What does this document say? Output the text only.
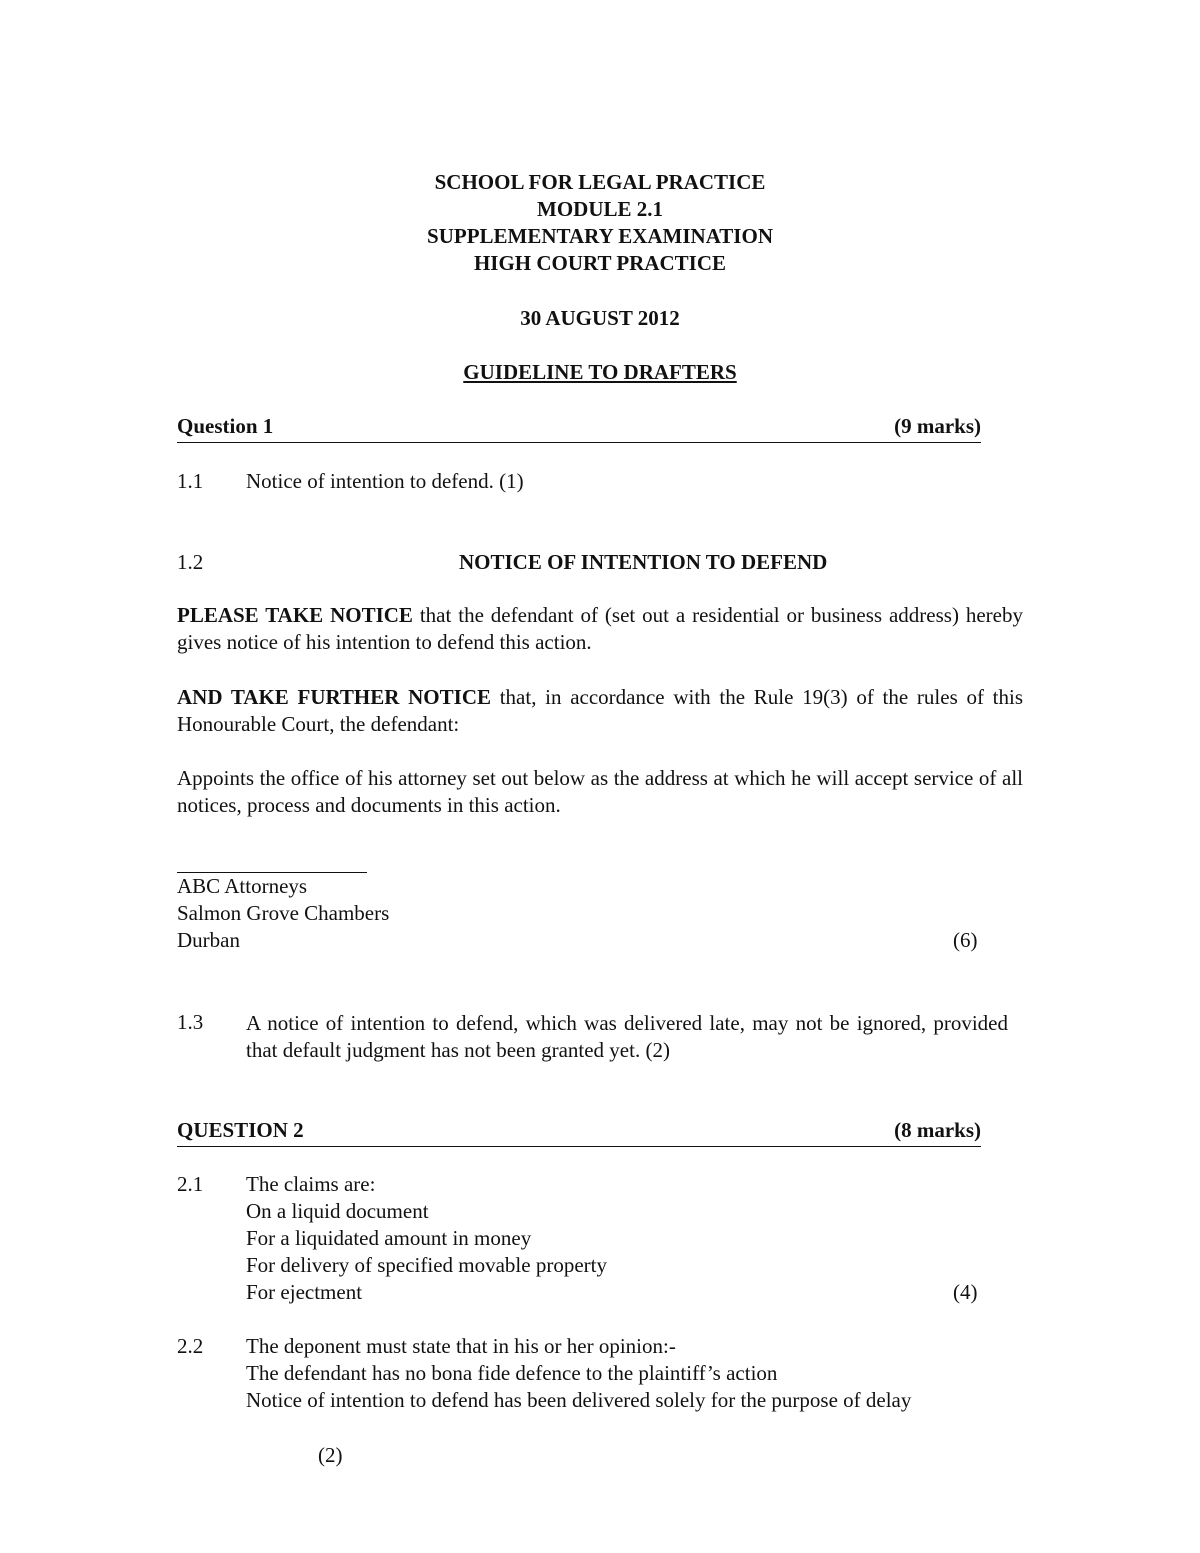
SCHOOL FOR LEGAL PRACTICE
MODULE 2.1
SUPPLEMENTARY EXAMINATION
HIGH COURT PRACTICE
30 AUGUST 2012
GUIDELINE TO DRAFTERS
Question 1	(9 marks)
1.1 Notice of intention to defend. (1)
1.2	NOTICE OF INTENTION TO DEFEND
PLEASE TAKE NOTICE that the defendant of (set out a residential or business address) hereby gives notice of his intention to defend this action.
AND TAKE FURTHER NOTICE that, in accordance with the Rule 19(3) of the rules of this Honourable Court, the defendant:
Appoints the office of his attorney set out below as the address at which he will accept service of all notices, process and documents in this action.
ABC Attorneys
Salmon Grove Chambers
Durban	(6)
1.3 A notice of intention to defend, which was delivered late, may not be ignored, provided that default judgment has not been granted yet. (2)
QUESTION 2	(8 marks)
2.1 The claims are:
On a liquid document
For a liquidated amount in money
For delivery of specified movable property
For ejectment	(4)
2.2 The deponent must state that in his or her opinion:-
The defendant has no bona fide defence to the plaintiff’s action
Notice of intention to defend has been delivered solely for the purpose of delay
(2)
